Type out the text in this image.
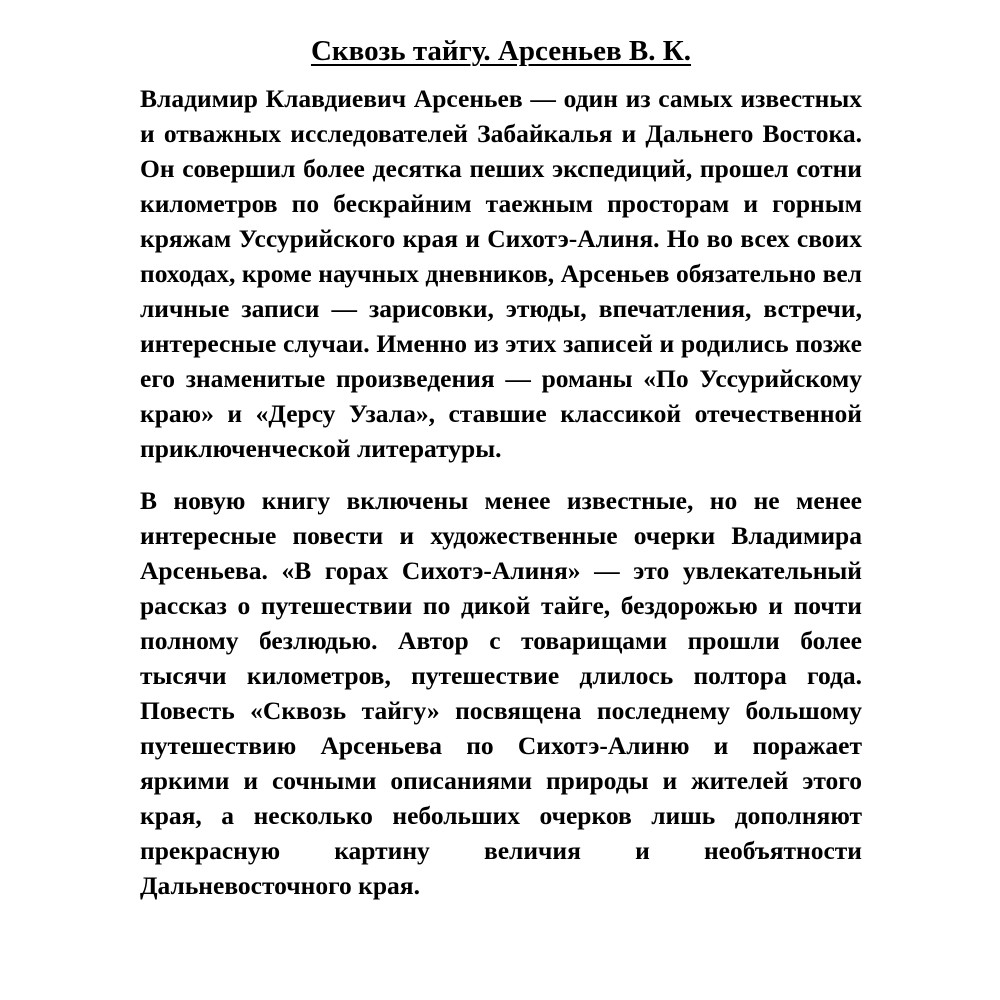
Сквозь тайгу. Арсеньев В. К.

Владимир Клавдиевич Арсеньев — один из самых известных и отважных исследователей Забайкалья и Дальнего Востока. Он совершил более десятка пеших экспедиций, прошел сотни километров по бескрайним таежным просторам и горным кряжам Уссурийского края и Сихотэ-Алиня. Но во всех своих походах, кроме научных дневников, Арсеньев обязательно вел личные записи — зарисовки, этюды, впечатления, встречи, интересные случаи. Именно из этих записей и родились позже его знаменитые произведения — романы «По Уссурийскому краю» и «Дерсу Узала», ставшие классикой отечественной приключенческой литературы.

В новую книгу включены менее известные, но не менее интересные повести и художественные очерки Владимира Арсеньева. «В горах Сихотэ-Алиня» — это увлекательный рассказ о путешествии по дикой тайге, бездорожью и почти полному безлюдью. Автор с товарищами прошли более тысячи километров, путешествие длилось полтора года. Повесть «Сквозь тайгу» посвящена последнему большому путешествию Арсеньева по Сихотэ-Алиню и поражает яркими и сочными описаниями природы и жителей этого края, а несколько небольших очерков лишь дополняют прекрасную картину величия и необъятности Дальневосточного края.
